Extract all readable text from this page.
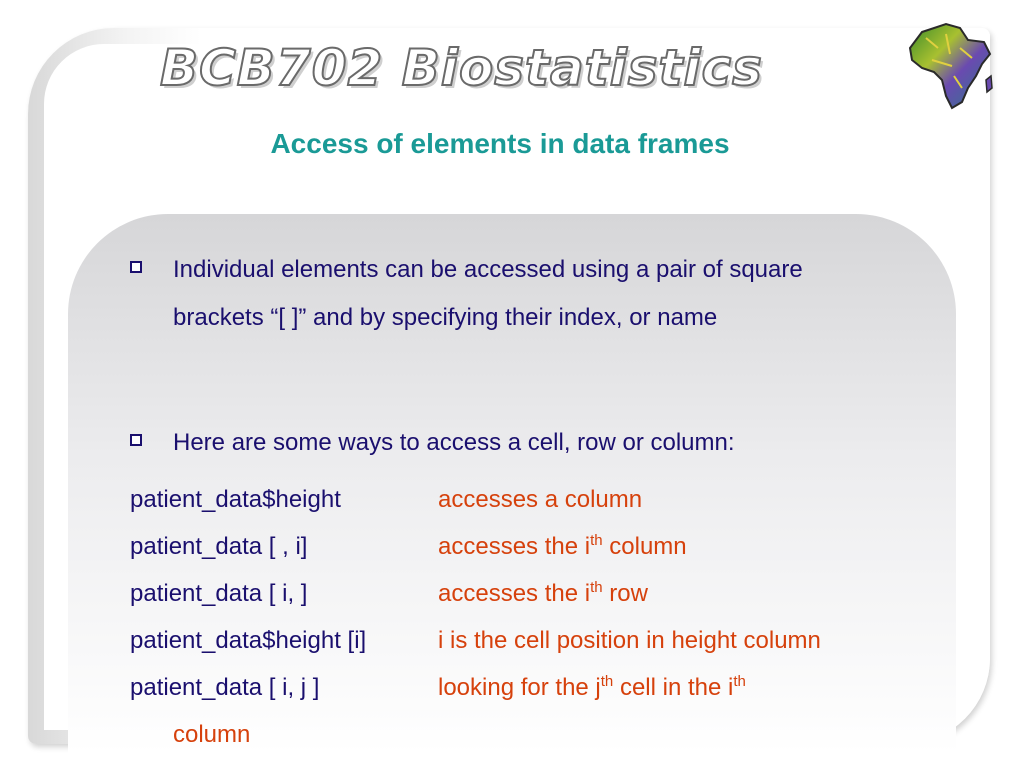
BCB702 Biostatistics
Access of elements in data frames
Individual elements can be accessed using a pair of square brackets “[ ]” and by specifying their index, or name
Here are some ways to access a cell, row or column:
patient_data$height	accesses a column
patient_data [ , i]	accesses the $i^{th}$ column
patient_data [ i, ]	accesses the $i^{th}$ row
patient_data$height [i]	i is the cell position in height column
patient_data [ i, j ]	looking for the $j^{th}$ cell in the $i^{th}$
column
